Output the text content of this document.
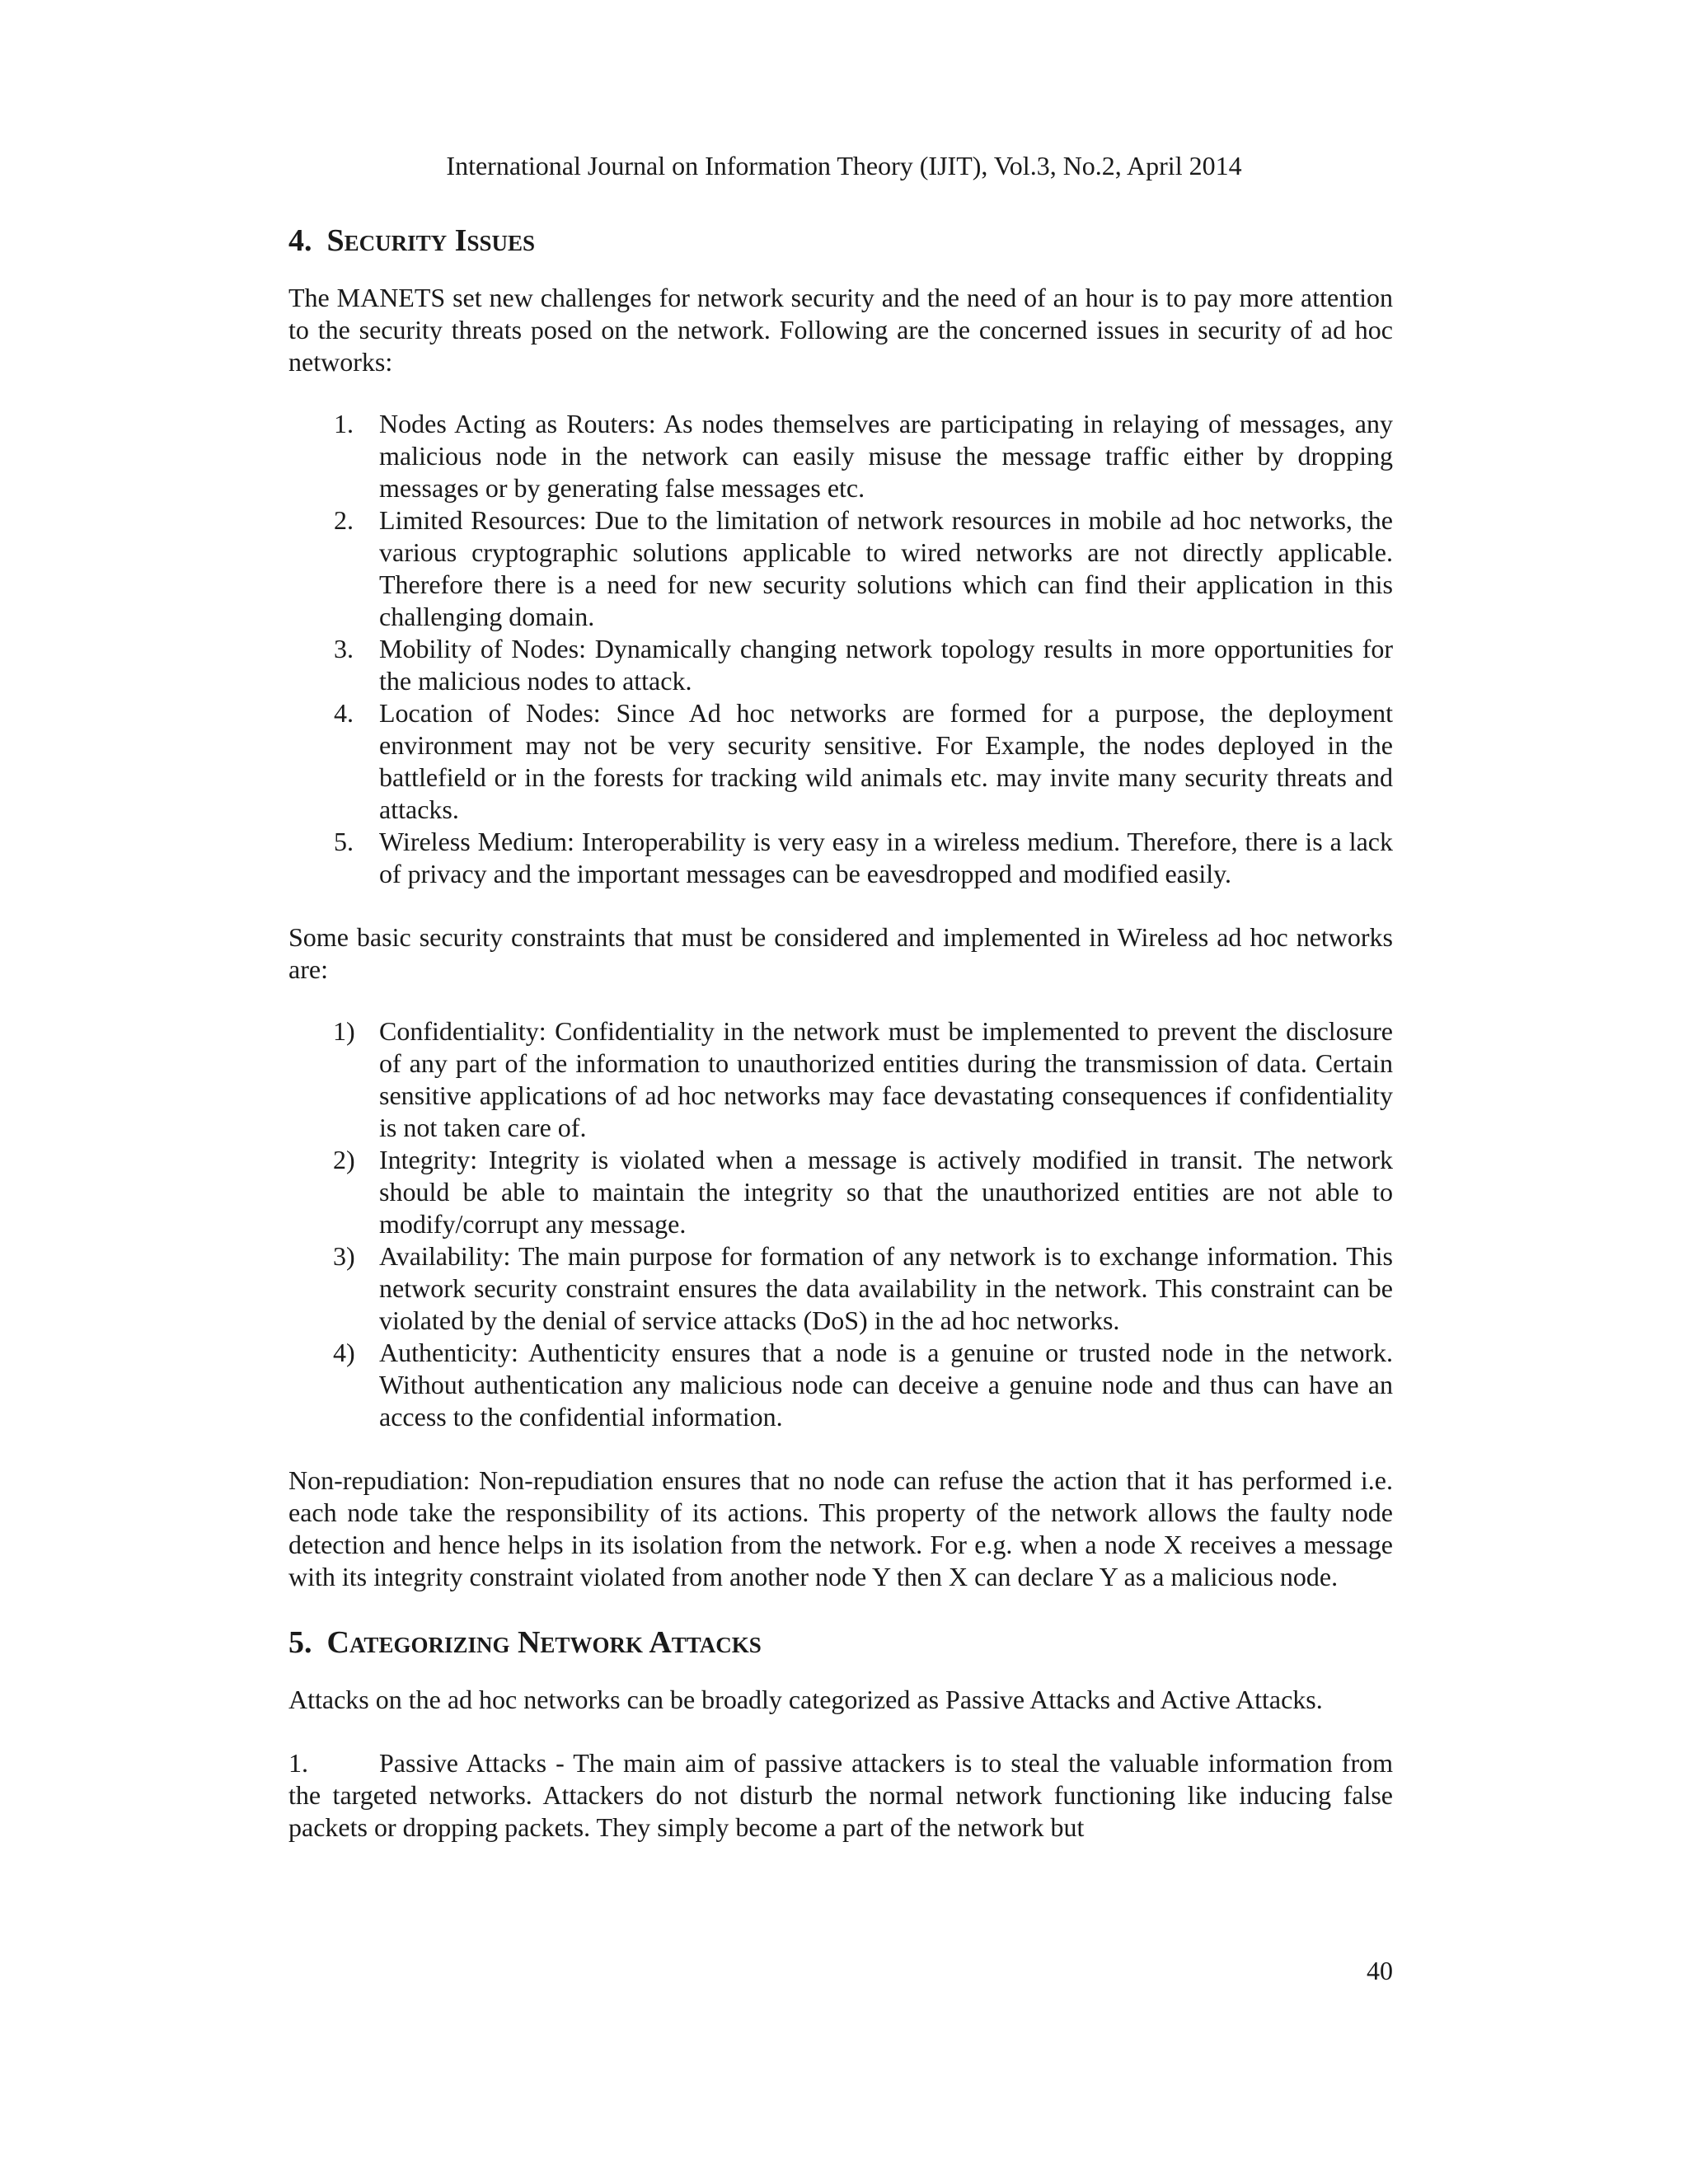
International Journal on Information Theory (IJIT), Vol.3, No.2, April 2014
4. Security Issues

The MANETS set new challenges for network security and the need of an hour is to pay more attention to the security threats posed on the network. Following are the concerned issues in security of ad hoc networks:

1. Nodes Acting as Routers: As nodes themselves are participating in relaying of messages, any malicious node in the network can easily misuse the message traffic either by dropping messages or by generating false messages etc.
2. Limited Resources: Due to the limitation of network resources in mobile ad hoc networks, the various cryptographic solutions applicable to wired networks are not directly applicable. Therefore there is a need for new security solutions which can find their application in this challenging domain.
3. Mobility of Nodes: Dynamically changing network topology results in more opportunities for the malicious nodes to attack.
4. Location of Nodes: Since Ad hoc networks are formed for a purpose, the deployment environment may not be very security sensitive. For Example, the nodes deployed in the battlefield or in the forests for tracking wild animals etc. may invite many security threats and attacks.
5. Wireless Medium: Interoperability is very easy in a wireless medium. Therefore, there is a lack of privacy and the important messages can be eavesdropped and modified easily.

Some basic security constraints that must be considered and implemented in Wireless ad hoc networks are:

1) Confidentiality: Confidentiality in the network must be implemented to prevent the disclosure of any part of the information to unauthorized entities during the transmission of data. Certain sensitive applications of ad hoc networks may face devastating consequences if confidentiality is not taken care of.
2) Integrity: Integrity is violated when a message is actively modified in transit. The network should be able to maintain the integrity so that the unauthorized entities are not able to modify/corrupt any message.
3) Availability: The main purpose for formation of any network is to exchange information. This network security constraint ensures the data availability in the network. This constraint can be violated by the denial of service attacks (DoS) in the ad hoc networks.
4) Authenticity: Authenticity ensures that a node is a genuine or trusted node in the network. Without authentication any malicious node can deceive a genuine node and thus can have an access to the confidential information.

Non-repudiation: Non-repudiation ensures that no node can refuse the action that it has performed i.e. each node take the responsibility of its actions. This property of the network allows the faulty node detection and hence helps in its isolation from the network. For e.g. when a node X receives a message with its integrity constraint violated from another node Y then X can declare Y as a malicious node.

5. Categorizing Network Attacks

Attacks on the ad hoc networks can be broadly categorized as Passive Attacks and Active Attacks.

1.	Passive Attacks - The main aim of passive attackers is to steal the valuable information from the targeted networks. Attackers do not disturb the normal network functioning like inducing false packets or dropping packets. They simply become a part of the network but

40
